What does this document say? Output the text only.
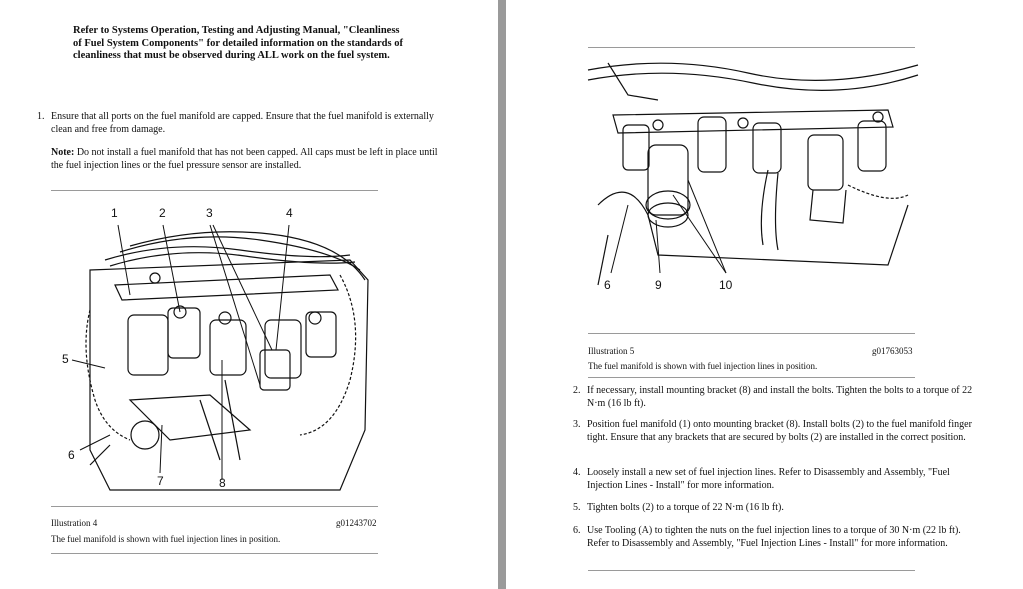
Refer to Systems Operation, Testing and Adjusting Manual, "Cleanliness of Fuel System Components" for detailed information on the standards of cleanliness that must be observed during ALL work on the fuel system.
1. Ensure that all ports on the fuel manifold are capped. Ensure that the fuel manifold is externally clean and free from damage.
Note: Do not install a fuel manifold that has not been capped. All caps must be left in place until the fuel injection lines or the fuel pressure sensor are installed.
1	2	3	4
5
6
7	8
Illustration 4	g01243702
The fuel manifold is shown with fuel injection lines in position.
6	9	10
Illustration 5	g01763053
The fuel manifold is shown with fuel injection lines in position.
2. If necessary, install mounting bracket (8) and install the bolts. Tighten the bolts to a torque of 22 N·m (16 lb ft).
3. Position fuel manifold (1) onto mounting bracket (8). Install bolts (2) to the fuel manifold finger tight. Ensure that any brackets that are secured by bolts (2) are installed in the correct position.
4. Loosely install a new set of fuel injection lines. Refer to Disassembly and Assembly, "Fuel Injection Lines - Install" for more information.
5. Tighten bolts (2) to a torque of 22 N·m (16 lb ft).
6. Use Tooling (A) to tighten the nuts on the fuel injection lines to a torque of 30 N·m (22 lb ft). Refer to Disassembly and Assembly, "Fuel Injection Lines - Install" for more information.
